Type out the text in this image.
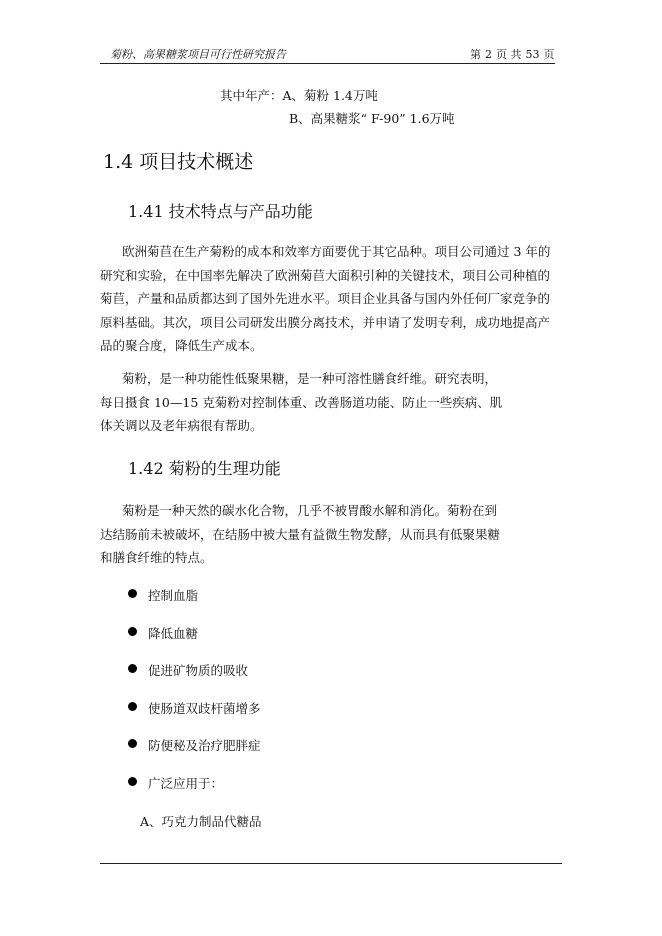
菊粉、高果糖浆项目可行性研究报告	第 2 页 共 53 页
其中年产：A、菊粉 1.4万吨
B、高果糖浆“ F-90” 1.6万吨
1.4 项目技术概述
1.41 技术特点与产品功能
欧洲菊苣在生产菊粉的成本和效率方面要优于其它品种。项目公司通过 3 年的
研究和实验，在中国率先解决了欧洲菊苣大面积引种的关键技术，项目公司种植的
菊苣，产量和品质都达到了国外先进水平。项目企业具备与国内外任何厂家竞争的
原料基础。其次，项目公司研发出膜分离技术，并申请了发明专利，成功地提高产
品的聚合度，降低生产成本。
菊粉，是一种功能性低聚果糖，是一种可溶性膳食纤维。研究表明，
每日摄食 10—15 克菊粉对控制体重、改善肠道功能、防止一些疾病、肌
体关调以及老年病很有帮助。
1.42 菊粉的生理功能
菊粉是一种天然的碳水化合物，几乎不被胃酸水解和消化。菊粉在到
达结肠前未被破坏，在结肠中被大量有益微生物发酵，从而具有低聚果糖
和膳食纤维的特点。
控制血脂
降低血糖
促进矿物质的吸收
使肠道双歧杆菌增多
防便秘及治疗肥胖症
广泛应用于：
A、巧克力制品代糖品
